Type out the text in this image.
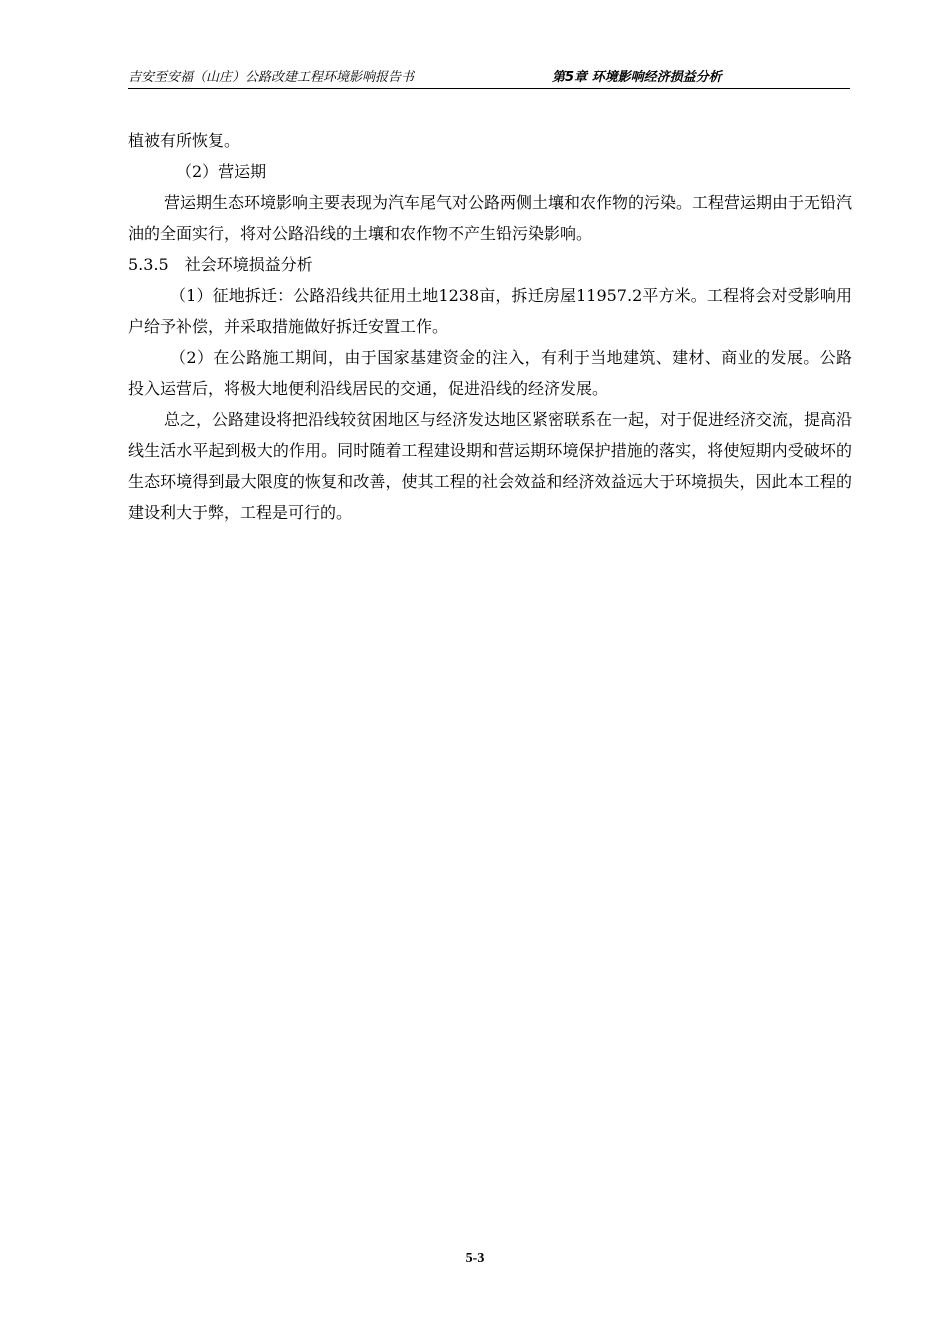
吉安至安福（山庄）公路改建工程环境影响报告书	第5章 环境影响经济损益分析

植被有所恢复。

（2）营运期

营运期生态环境影响主要表现为汽车尾气对公路两侧土壤和农作物的污染。工程营运期由于无铅汽油的全面实行，将对公路沿线的土壤和农作物不产生铅污染影响。

5.3.5　社会环境损益分析

（1）征地拆迁：公路沿线共征用土地1238亩，拆迁房屋11957.2平方米。工程将会对受影响用户给予补偿，并采取措施做好拆迁安置工作。

（2）在公路施工期间，由于国家基建资金的注入，有利于当地建筑、建材、商业的发展。公路投入运营后，将极大地便利沿线居民的交通，促进沿线的经济发展。

总之，公路建设将把沿线较贫困地区与经济发达地区紧密联系在一起，对于促进经济交流，提高沿线生活水平起到极大的作用。同时随着工程建设期和营运期环境保护措施的落实，将使短期内受破坏的生态环境得到最大限度的恢复和改善，使其工程的社会效益和经济效益远大于环境损失，因此本工程的建设利大于弊，工程是可行的。

5-3
